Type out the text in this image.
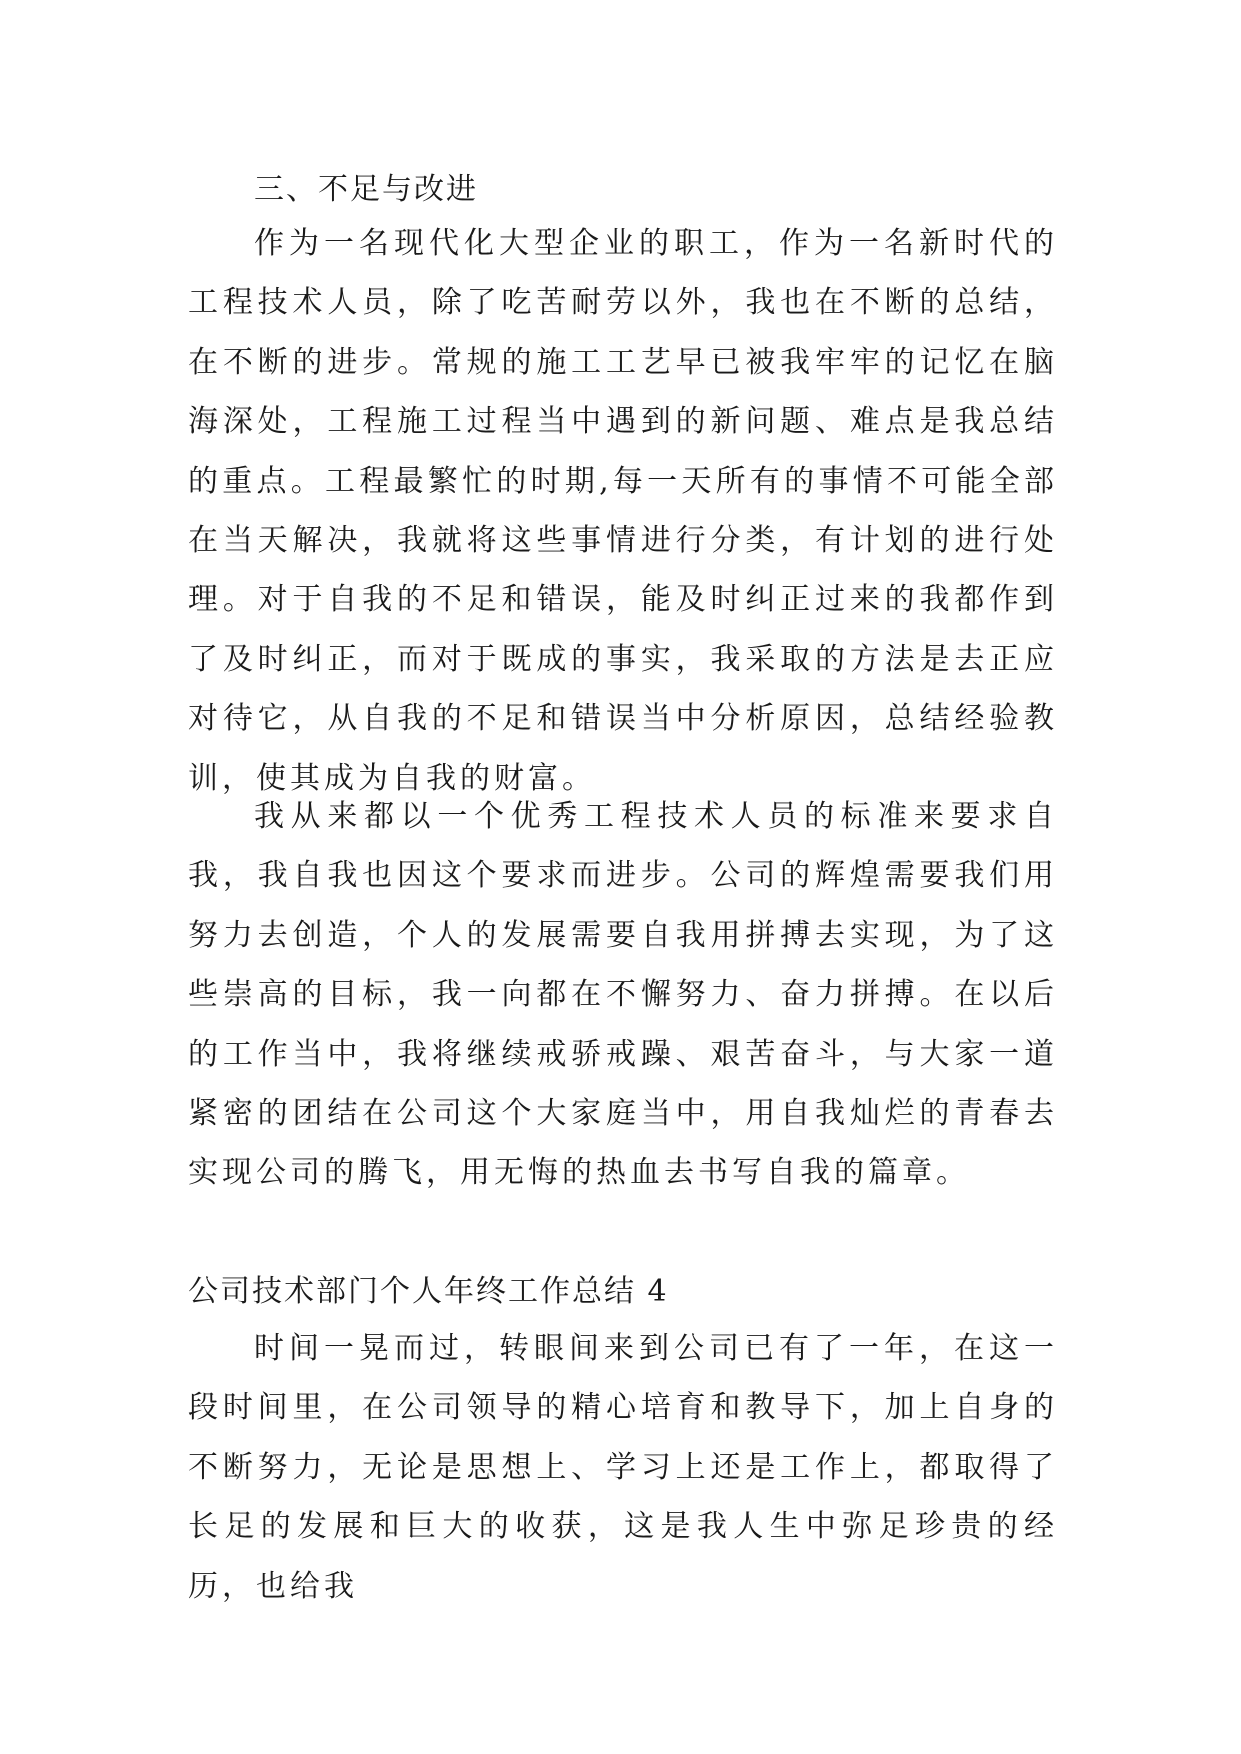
三、不足与改进

作为一名现代化大型企业的职工，作为一名新时代的工程技术人员，除了吃苦耐劳以外，我也在不断的总结，在不断的进步。常规的施工工艺早已被我牢牢的记忆在脑海深处，工程施工过程当中遇到的新问题、难点是我总结的重点。工程最繁忙的时期,每一天所有的事情不可能全部在当天解决，我就将这些事情进行分类，有计划的进行处理。对于自我的不足和错误，能及时纠正过来的我都作到了及时纠正，而对于既成的事实，我采取的方法是去正应对待它，从自我的不足和错误当中分析原因，总结经验教训，使其成为自我的财富。

我从来都以一个优秀工程技术人员的标准来要求自我，我自我也因这个要求而进步。公司的辉煌需要我们用努力去创造，个人的发展需要自我用拼搏去实现，为了这些崇高的目标，我一向都在不懈努力、奋力拼搏。在以后的工作当中，我将继续戒骄戒躁、艰苦奋斗，与大家一道紧密的团结在公司这个大家庭当中，用自我灿烂的青春去实现公司的腾飞，用无悔的热血去书写自我的篇章。

公司技术部门个人年终工作总结 4

时间一晃而过，转眼间来到公司已有了一年，在这一段时间里，在公司领导的精心培育和教导下，加上自身的不断努力，无论是思想上、学习上还是工作上，都取得了长足的发展和巨大的收获，这是我人生中弥足珍贵的经历，也给我
